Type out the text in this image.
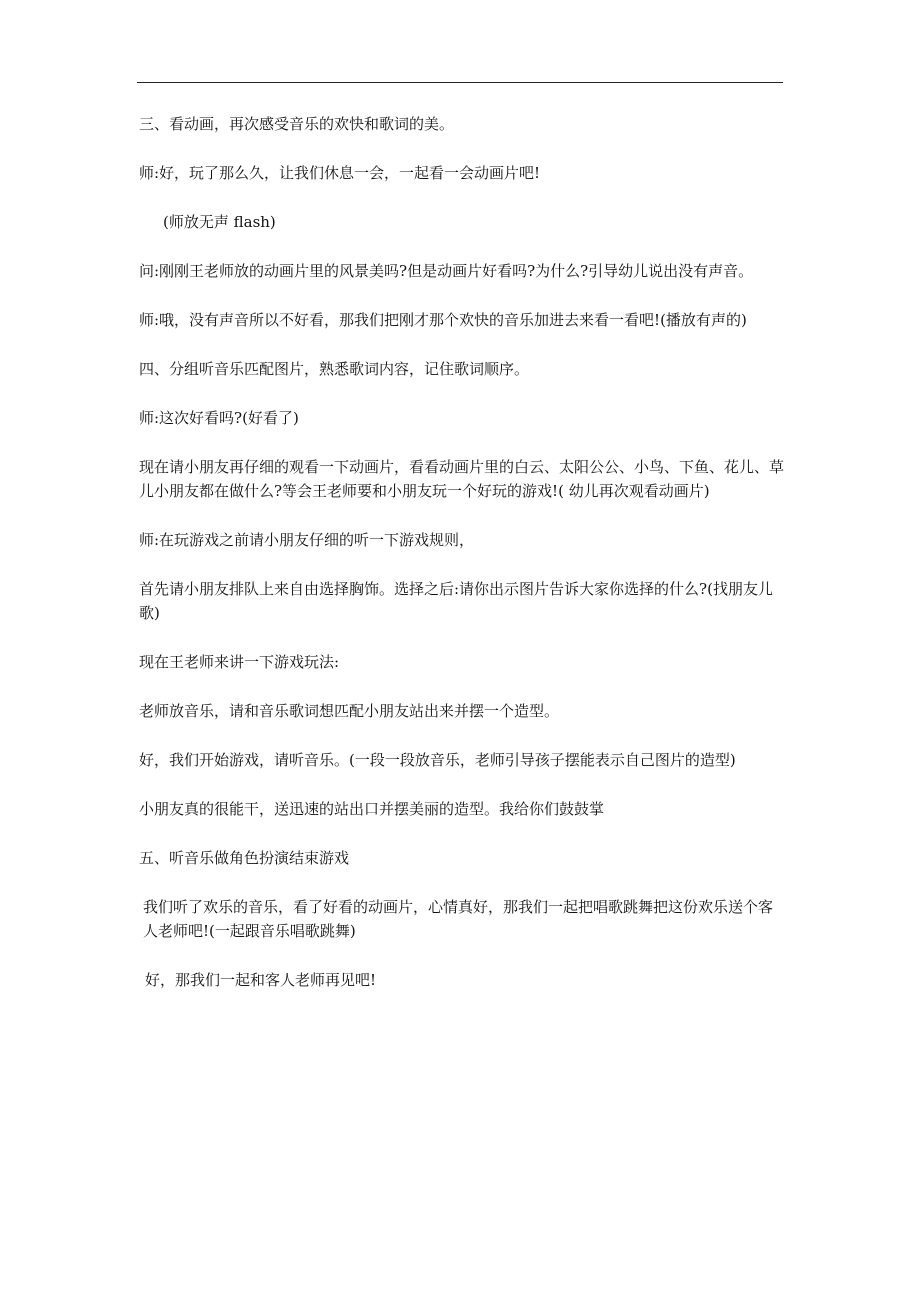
三、看动画，再次感受音乐的欢快和歌词的美。

师:好，玩了那么久，让我们休息一会，一起看一会动画片吧!

(师放无声 flash)

问:刚刚王老师放的动画片里的风景美吗?但是动画片好看吗?为什么?引导幼儿说出没有声音。

师:哦，没有声音所以不好看，那我们把刚才那个欢快的音乐加进去来看一看吧!(播放有声的)

四、分组听音乐匹配图片，熟悉歌词内容，记住歌词顺序。

师:这次好看吗?(好看了)

现在请小朋友再仔细的观看一下动画片，看看动画片里的白云、太阳公公、小鸟、下鱼、花儿、草儿小朋友都在做什么?等会王老师要和小朋友玩一个好玩的游戏!( 幼儿再次观看动画片)

师:在玩游戏之前请小朋友仔细的听一下游戏规则，

首先请小朋友排队上来自由选择胸饰。选择之后:请你出示图片告诉大家你选择的什么?(找朋友儿歌)

现在王老师来讲一下游戏玩法:

老师放音乐，请和音乐歌词想匹配小朋友站出来并摆一个造型。

好，我们开始游戏，请听音乐。(一段一段放音乐，老师引导孩子摆能表示自己图片的造型)

小朋友真的很能干，送迅速的站出口并摆美丽的造型。我给你们鼓鼓掌

五、听音乐做角色扮演结束游戏

我们听了欢乐的音乐，看了好看的动画片，心情真好，那我们一起把唱歌跳舞把这份欢乐送个客人老师吧!(一起跟音乐唱歌跳舞)

好，那我们一起和客人老师再见吧!
